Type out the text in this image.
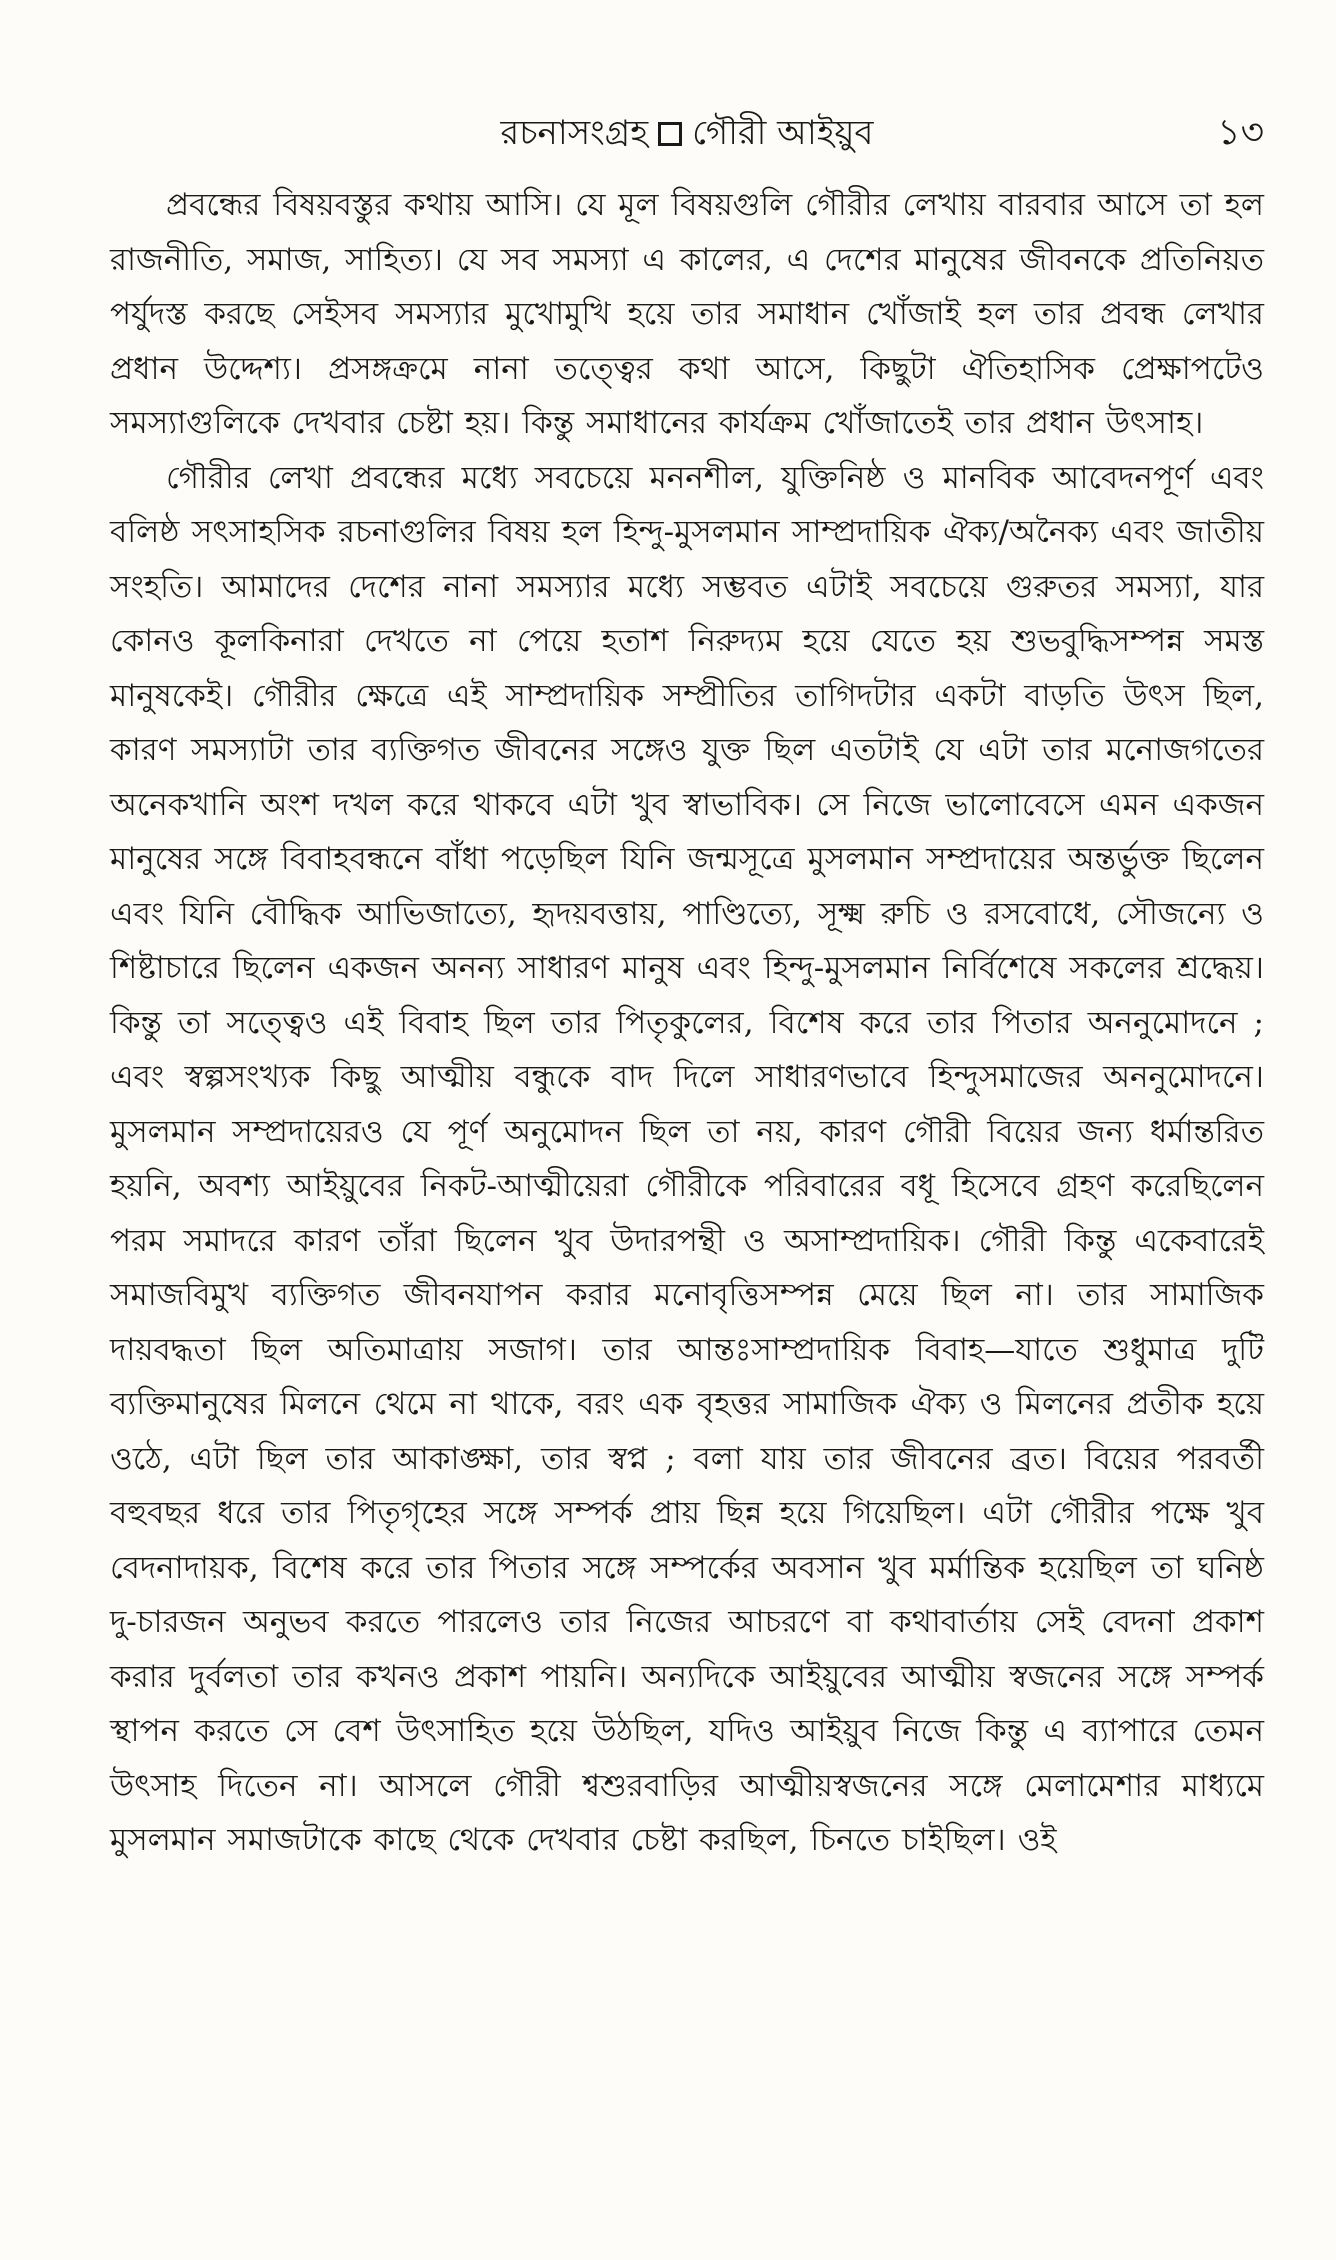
রচনাসংগ্রহ গৌরী আইয়ুব	১৩

প্রবন্ধের বিষয়বস্তুর কথায় আসি। যে মূল বিষয়গুলি গৌরীর লেখায় বারবার আসে তা হল রাজনীতি, সমাজ, সাহিত্য। যে সব সমস্যা এ কালের, এ দেশের মানুষের জীবনকে প্রতিনিয়ত পর্যুদস্ত করছে সেইসব সমস্যার মুখোমুখি হয়ে তার সমাধান খোঁজাই হল তার প্রবন্ধ লেখার প্রধান উদ্দেশ্য। প্রসঙ্গক্রমে নানা তত্ত্বের কথা আসে, কিছুটা ঐতিহাসিক প্রেক্ষাপটেও সমস্যাগুলিকে দেখবার চেষ্টা হয়। কিন্তু সমাধানের কার্যক্রম খোঁজাতেই তার প্রধান উৎসাহ।

গৌরীর লেখা প্রবন্ধের মধ্যে সবচেয়ে মননশীল, যুক্তিনিষ্ঠ ও মানবিক আবেদনপূর্ণ এবং বলিষ্ঠ সৎসাহসিক রচনাগুলির বিষয় হল হিন্দু-মুসলমান সাম্প্রদায়িক ঐক্য/অনৈক্য এবং জাতীয় সংহতি। আমাদের দেশের নানা সমস্যার মধ্যে সম্ভবত এটাই সবচেয়ে গুরুতর সমস্যা, যার কোনও কূলকিনারা দেখতে না পেয়ে হতাশ নিরুদ্যম হয়ে যেতে হয় শুভবুদ্ধিসম্পন্ন সমস্ত মানুষকেই। গৌরীর ক্ষেত্রে এই সাম্প্রদায়িক সম্প্রীতির তাগিদটার একটা বাড়তি উৎস ছিল, কারণ সমস্যাটা তার ব্যক্তিগত জীবনের সঙ্গেও যুক্ত ছিল এতটাই যে এটা তার মনোজগতের অনেকখানি অংশ দখল করে থাকবে এটা খুব স্বাভাবিক। সে নিজে ভালোবেসে এমন একজন মানুষের সঙ্গে বিবাহবন্ধনে বাঁধা পড়েছিল যিনি জন্মসূত্রে মুসলমান সম্প্রদায়ের অন্তর্ভুক্ত ছিলেন এবং যিনি বৌদ্ধিক আভিজাত্যে, হৃদয়বত্তায়, পাণ্ডিত্যে, সূক্ষ্ম রুচি ও রসবোধে, সৌজন্যে ও শিষ্টাচারে ছিলেন একজন অনন্য সাধারণ মানুষ এবং হিন্দু-মুসলমান নির্বিশেষে সকলের শ্রদ্ধেয়। কিন্তু তা সত্ত্বেও এই বিবাহ ছিল তার পিতৃকুলের, বিশেষ করে তার পিতার অননুমোদনে ; এবং স্বল্পসংখ্যক কিছু আত্মীয় বন্ধুকে বাদ দিলে সাধারণভাবে হিন্দুসমাজের অননুমোদনে। মুসলমান সম্প্রদায়েরও যে পূর্ণ অনুমোদন ছিল তা নয়, কারণ গৌরী বিয়ের জন্য ধর্মান্তরিত হয়নি, অবশ্য আইয়ুবের নিকট-আত্মীয়েরা গৌরীকে পরিবারের বধূ হিসেবে গ্রহণ করেছিলেন পরম সমাদরে কারণ তাঁরা ছিলেন খুব উদারপন্থী ও অসাম্প্রদায়িক। গৌরী কিন্তু একেবারেই সমাজবিমুখ ব্যক্তিগত জীবনযাপন করার মনোবৃত্তিসম্পন্ন মেয়ে ছিল না। তার সামাজিক দায়বদ্ধতা ছিল অতিমাত্রায় সজাগ। তার আন্তঃসাম্প্রদায়িক বিবাহ—যাতে শুধুমাত্র দুটি ব্যক্তিমানুষের মিলনে থেমে না থাকে, বরং এক বৃহত্তর সামাজিক ঐক্য ও মিলনের প্রতীক হয়ে ওঠে, এটা ছিল তার আকাঙ্ক্ষা, তার স্বপ্ন ; বলা যায় তার জীবনের ব্রত। বিয়ের পরবর্তী বহুবছর ধরে তার পিতৃগৃহের সঙ্গে সম্পর্ক প্রায় ছিন্ন হয়ে গিয়েছিল। এটা গৌরীর পক্ষে খুব বেদনাদায়ক, বিশেষ করে তার পিতার সঙ্গে সম্পর্কের অবসান খুব মর্মান্তিক হয়েছিল তা ঘনিষ্ঠ দু-চারজন অনুভব করতে পারলেও তার নিজের আচরণে বা কথাবার্তায় সেই বেদনা প্রকাশ করার দুর্বলতা তার কখনও প্রকাশ পায়নি। অন্যদিকে আইয়ুবের আত্মীয় স্বজনের সঙ্গে সম্পর্ক স্থাপন করতে সে বেশ উৎসাহিত হয়ে উঠছিল, যদিও আইয়ুব নিজে কিন্তু এ ব্যাপারে তেমন উৎসাহ দিতেন না। আসলে গৌরী শ্বশুরবাড়ির আত্মীয়স্বজনের সঙ্গে মেলামেশার মাধ্যমে মুসলমান সমাজটাকে কাছে থেকে দেখবার চেষ্টা করছিল, চিনতে চাইছিল। ওই
